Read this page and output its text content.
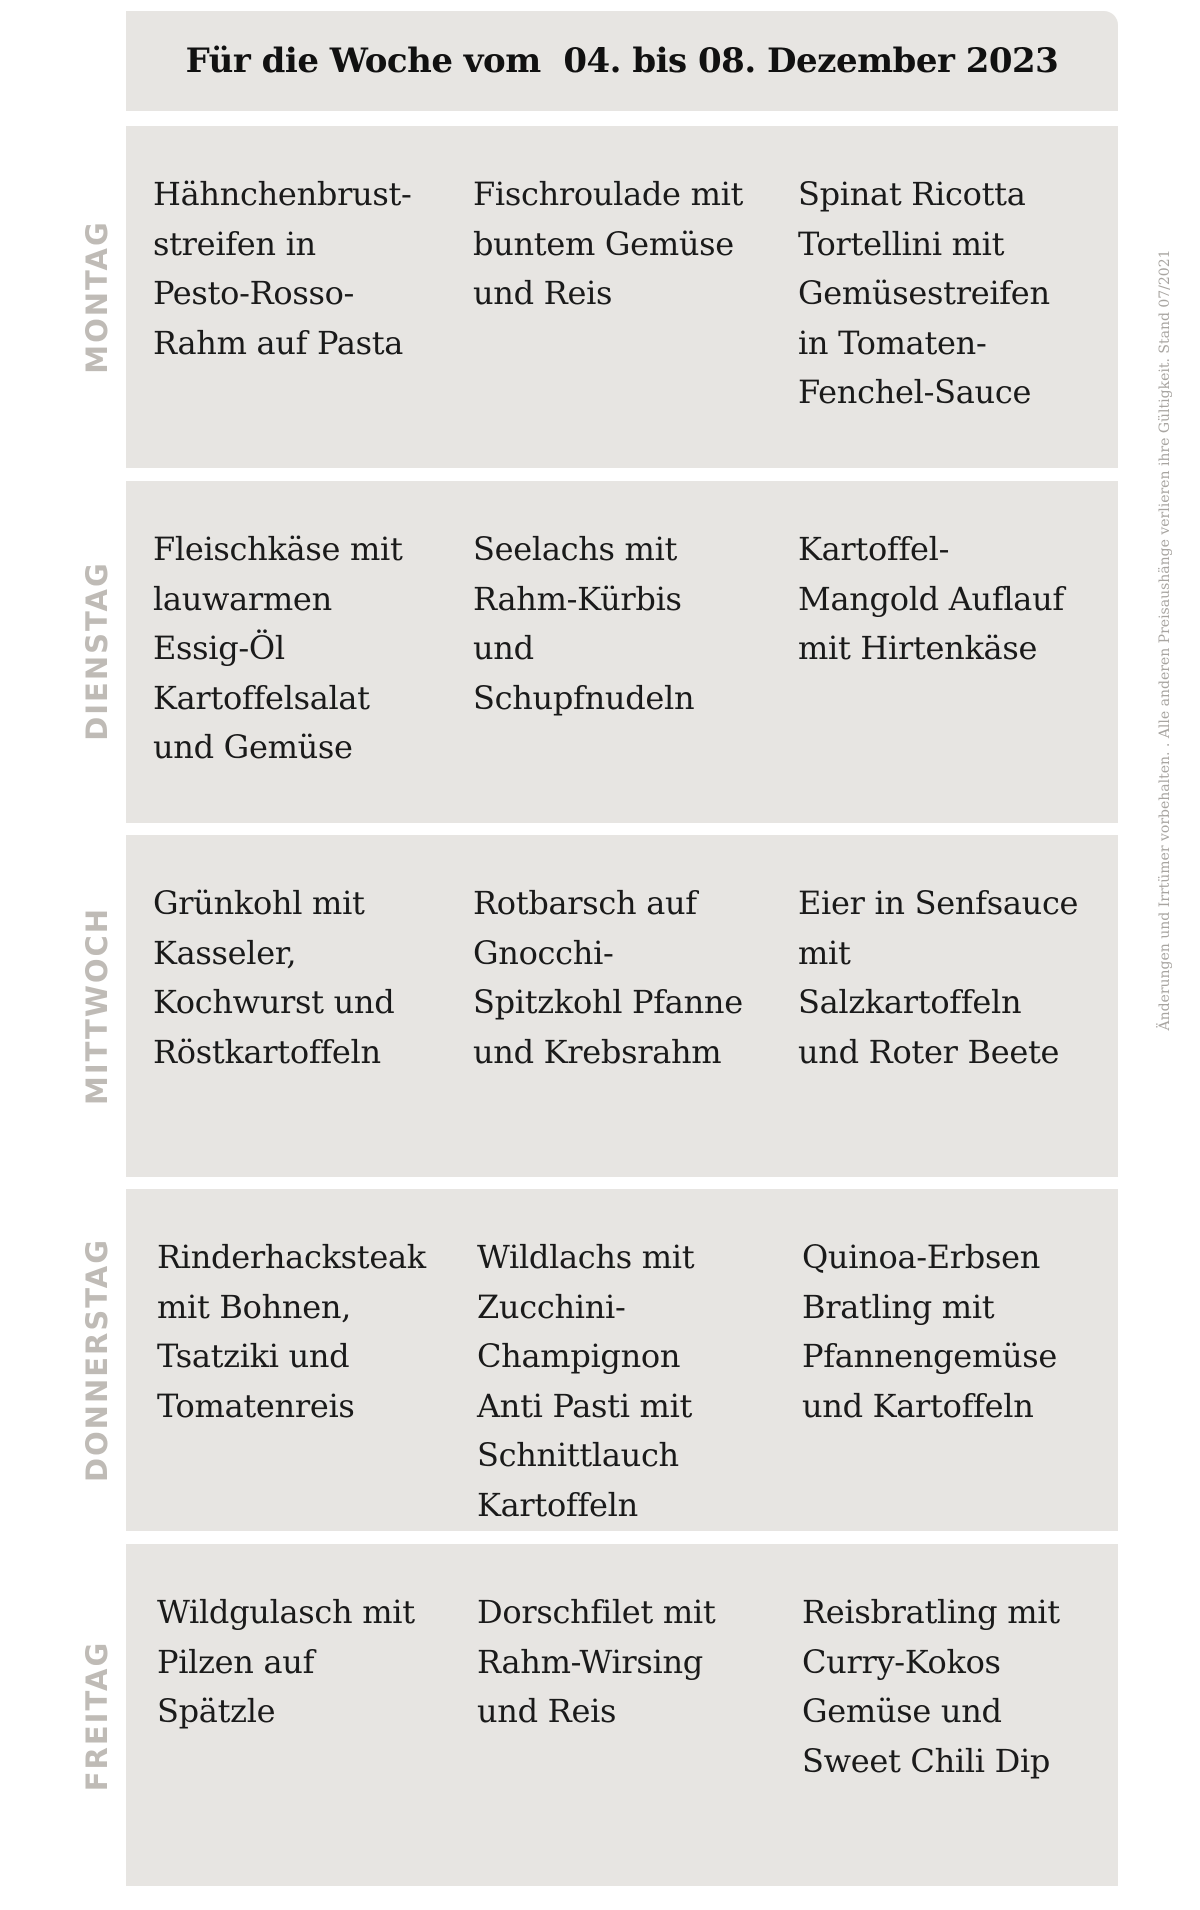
Für die Woche vom  04. bis 08. Dezember 2023
MONTAG
Hähnchenbrust-
streifen in
Pesto-Rosso-
Rahm auf Pasta
Fischroulade mit
buntem Gemüse
und Reis
Spinat Ricotta
Tortellini mit
Gemüsestreifen
in Tomaten-
Fenchel-Sauce
DIENSTAG
Fleischkäse mit
lauwarmen
Essig-Öl
Kartoffelsalat
und Gemüse
Seelachs mit
Rahm-Kürbis
und
Schupfnudeln
Kartoffel-
Mangold Auflauf
mit Hirtenkäse
MITTWOCH
Grünkohl mit
Kasseler,
Kochwurst und
Röstkartoffeln
Rotbarsch auf
Gnocchi-
Spitzkohl Pfanne
und Krebsrahm
Eier in Senfsauce
mit
Salzkartoffeln
und Roter Beete
DONNERSTAG Rinderhacksteak
mit Bohnen,
Tsatziki und
Tomatenreis
Wildlachs mit
Zucchini-
Champignon
Anti Pasti mit
Schnittlauch
Kartoffeln
Quinoa-Erbsen
Bratling mit
Pfannengemüse
und Kartoffeln
FREITAG
Wildgulasch mit
Pilzen auf
Spätzle
Dorschfilet mit
Rahm-Wirsing
und Reis
Reisbratling mit
Curry-Kokos
Gemüse und
Sweet Chili Dip
Änderungen und Irrtümer vorbehalten. . Alle anderen Preisaushänge verlieren ihre Gültigkeit. Stand 07/2021
